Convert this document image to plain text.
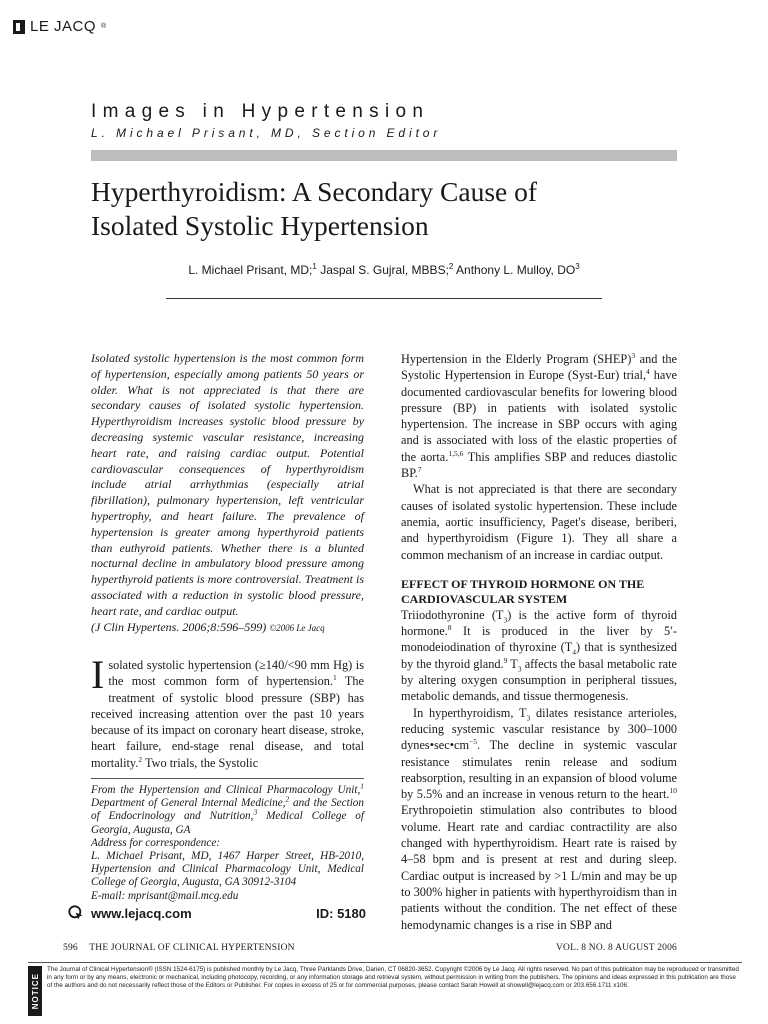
LE JACQ ®
Images in Hypertension
L. Michael Prisant, MD, Section Editor
Hyperthyroidism: A Secondary Cause of
Isolated Systolic Hypertension
L. Michael Prisant, MD;$^1$ Jaspal S. Gujral, MBBS;$^2$ Anthony L. Mulloy, $DO^3$

Isolated systolic hypertension is the most common form of hypertension, especially among patients 50 years or older. What is not appreciated is that there are secondary causes of isolated systolic hypertension. Hyperthyroidism increases systolic blood pressure by decreasing systemic vascular resistance, increasing heart rate, and raising cardiac output. Potential cardiovascular consequences of hyperthyroidism include atrial arrhythmias (especially atrial fibrillation), pulmonary hypertension, left ventricular hypertrophy, and heart failure. The prevalence of hypertension is greater among hyperthyroid patients than euthyroid patients. Whether there is a blunted nocturnal decline in ambulatory blood pressure among hyperthyroid patients is more controversial. Treatment is associated with a reduction in systolic blood pressure, heart rate, and cardiac output.
(J Clin Hypertens. 2006;8:596–599) ©2006 Le Jacq

Isolated systolic hypertension (≥140/<90 mm Hg) is the most common form of hypertension.$^1$ The treatment of systolic blood pressure (SBP) has received increasing attention over the past 10 years because of its impact on coronary heart disease, stroke, heart failure, end-stage renal disease, and total mortality.$^2$ Two trials, the Systolic

From the Hypertension and Clinical Pharmacology Unit,$^1$ Department of General Internal Medicine,$^2$ and the Section of Endocrinology and Nutrition,$^3$ Medical College of Georgia, Augusta, GA

Address for correspondence:

L. Michael Prisant, MD, 1467 Harper Street, HB-2010, Hypertension and Clinical Pharmacology Unit, Medical College of Georgia, Augusta, GA 30912-3104

E-mail: mprisant@mail.mcg.edu

www.lejacq.com	ID: 5180

Hypertension in the Elderly Program (SHEP)$^3$ and the Systolic Hypertension in Europe (Syst-Eur) trial,$^4$ have documented cardiovascular benefits for lowering blood pressure (BP) in patients with isolated systolic hypertension. The increase in SBP occurs with aging and is associated with loss of the elastic properties of the aorta.$^{1,5,6}$ This amplifies SBP and reduces diastolic BP.$^7$

What is not appreciated is that there are secondary causes of isolated systolic hypertension. These include anemia, aortic insufficiency, Paget's disease, beriberi, and hyperthyroidism (Figure 1). They all share a common mechanism of an increase in cardiac output.

EFFECT OF THYROID HORMONE ON THE CARDIOVASCULAR SYSTEM

Triiodothyronine $(T_3)$ is the active form of thyroid hormone.$^8$ It is produced in the liver by 5′-monodeiodination of thyroxine $(T_4)$ that is synthesized by the thyroid gland.$^9$ $T_3$ affects the basal metabolic rate by altering oxygen consumption in peripheral tissues, metabolic demands, and tissue thermogenesis.

In hyperthyroidism, $T_3$ dilates resistance arterioles, reducing systemic vascular resistance by 300–1000 $dynes•\sec•cm^{-5}$. The decline in systemic vascular resistance stimulates renin release and sodium reabsorption, resulting in an expansion of blood volume by 5.5% and an increase in venous return to the heart.$^{10}$ Erythropoietin stimulation also contributes to blood volume. Heart rate and cardiac contractility are also changed with hyperthyroidism. Heart rate is raised by 4–58 bpm and is present at rest and during sleep. Cardiac output is increased by >1 L/min and may be up to 300% higher in patients with hyperthyroidism than in patients without the condition. The net effect of these hemodynamic changes is a rise in SBP and

596 THE JOURNAL OF CLINICAL HYPERTENSION	VOL. 8 NO. 8 AUGUST 2006
NOTICE
The Journal of Clinical Hypertension® (ISSN 1524-6175) is published monthly by Le Jacq, Three Parklands Drive, Darien, CT 06820-3652. Copyright ©2006 by Le Jacq. All rights reserved. No part of this publication may be reproduced or transmitted in any form or by any means, electronic or mechanical, including photocopy, recording, or any information storage and retrieval system, without permission in writing from the publishers. The opinions and ideas expressed in this publication are those of the authors and do not necessarily reflect those of the Editors or Publisher. For copies in excess of 25 or for commercial purposes, please contact Sarah Howell at showell@lejacq.com or 203.656.1711 x106.
